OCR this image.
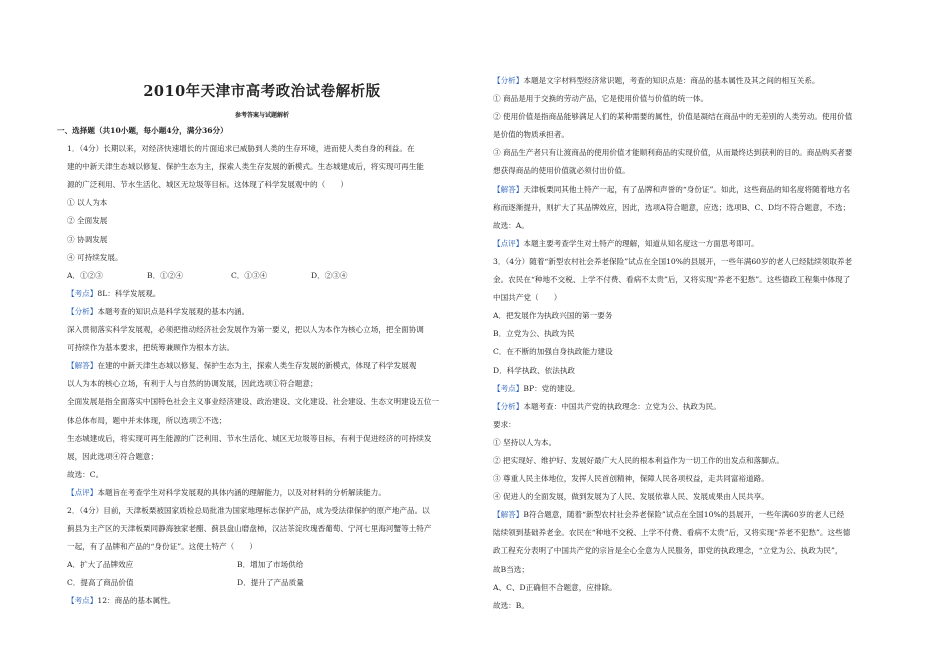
2010年天津市高考政治试卷解析版
参考答案与试题解析
一、选择题（共10小题，每小题4分，满分36分）
1．（4分）长期以来，对经济快速增长的片面追求已威胁到人类的生存环境，进而使人类自身的利益。在
建的中新天津生态城以修复、保护生态为主，探索人类生存发展的新模式。生态城建成后，将实现可再生能
源的广泛利用、节水生活化、城区无垃圾等目标。这体现了科学发展观中的（　　）
① 以人为本
② 全面发展
③ 协调发展
④ 可持续发展。
A．①②③	B．①②④	C．①③④	D．②③④
【考点】8L：科学发展观。
【分析】本题考查的知识点是科学发展观的基本内涵。
深入贯彻落实科学发展观，必须把推动经济社会发展作为第一要义，把以人为本作为核心立场，把全面协调
可持续作为基本要求，把统筹兼顾作为根本方法。
【解答】在建的中新天津生态城以修复、保护生态为主，探索人类生存发展的新模式，体现了科学发展观
以人为本的核心立场，有利于人与自然的协调发展，因此选项①符合题意；
全面发展是指全面落实中国特色社会主义事业经济建设、政治建设、文化建设、社会建设、生态文明建设五位一
体总体布局，题中并未体现，所以选项②不选；
生态城建成后，将实现可再生能源的广泛利用、节水生活化、城区无垃圾等目标，有利于促进经济的可持续发
展，因此选项④符合题意；
故选：C。
【点评】本题旨在考查学生对科学发展观的具体内涵的理解能力，以及对材料的分析解读能力。
2．（4分）目前，天津板栗被国家质检总局批准为国家地理标志保护产品，成为受法律保护的原产地产品。以
蓟县为主产区的天津板栗同静海独家老醋、蓟县盘山磨盘柿，汉沽茶淀玫瑰香葡萄、宁河七里海河蟹等土特产
一起，有了品牌和产品的“身份证”。这使土特产（　　）
A．扩大了品牌效应	B．增加了市场供给
C．提高了商品价值	D．提升了产品质量
【考点】12：商品的基本属性。
【分析】本题是文字材料型经济常识题，考查的知识点是：商品的基本属性及其之间的相互关系。
① 商品是用于交换的劳动产品，它是使用价值与价值的统一体。
② 使用价值是指商品能够满足人们的某种需要的属性，价值是凝结在商品中的无差别的人类劳动。使用价值
是价值的物质承担者。
③ 商品生产者只有让渡商品的使用价值才能顺利商品的实现价值，从而最终达到获利的目的。商品购买者要
想获得商品的使用价值就必须付出价值。
【解答】天津板栗同其他土特产一起，有了品牌和声誉的“身份证”。如此，这些商品的知名度将随着地方名
称而逐渐提升，则扩大了其品牌效应，因此，选项A符合题意，应选；选项B、C、D均不符合题意，不选；
故选：A。
【点评】本题主要考查学生对土特产的理解，知道从知名度这一方面思考即可。
3．（4分）随着“新型农村社会养老保险”试点在全国10%的县展开，一些年满60岁的老人已经陆续领取养老
金。农民在“种地不交税、上学不付费、看病不太贵”后，又将实现“养老不犯愁”。这些德政工程集中体现了
中国共产党（　　）
A．把发展作为执政兴国的第一要务
B．立党为公、执政为民
C．在不断的加强自身执政能力建设
D．科学执政、依法执政
【考点】BP：党的建设。
【分析】本题考查：中国共产党的执政理念：立党为公、执政为民。
要求：
① 坚持以人为本。
② 把实现好、维护好、发展好最广大人民的根本利益作为一切工作的出发点和落脚点。
③ 尊重人民主体地位，发挥人民首创精神，保障人民各项权益，走共同富裕道路。
④ 促进人的全面发展，做到发展为了人民、发展依靠人民、发展成果由人民共享。
【解答】B符合题意，随着“新型农村社会养老保险”试点在全国10%的县展开，一些年满60岁的老人已经
陆续领到基础养老金。农民在“种地不交税、上学不付费、看病不太贵”后，又将实现“养老不犯愁”。这些德
政工程充分表明了中国共产党的宗旨是全心全意为人民服务，即党的执政理念，“立党为公、执政为民”，
故B当选；
A、C、D正确但不合题意，应排除。
故选：B。
